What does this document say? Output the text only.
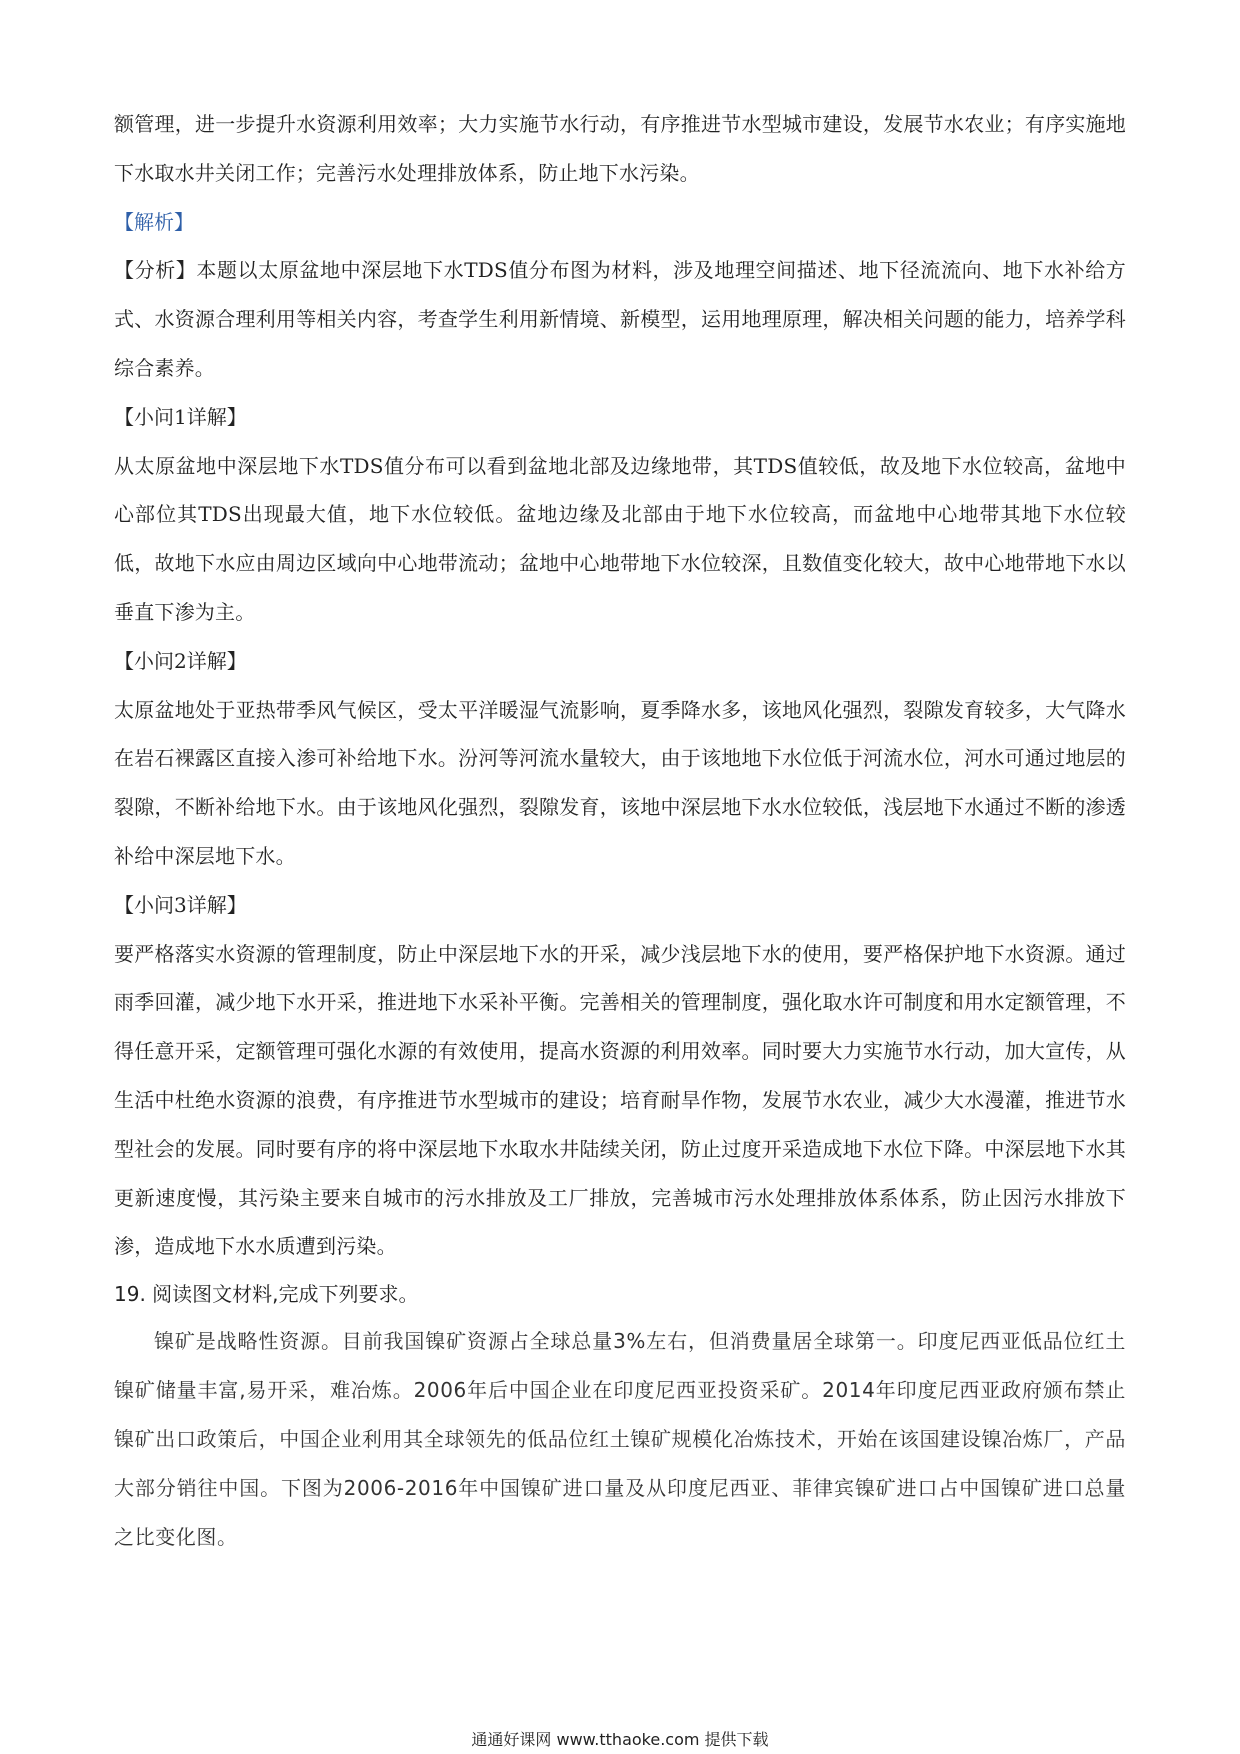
额管理，进一步提升水资源利用效率；大力实施节水行动，有序推进节水型城市建设，发展节水农业；有序实施地下水取水井关闭工作；完善污水处理排放体系，防止地下水污染。

【解析】

【分析】本题以太原盆地中深层地下水TDS值分布图为材料，涉及地理空间描述、地下径流流向、地下水补给方式、水资源合理利用等相关内容，考查学生利用新情境、新模型，运用地理原理，解决相关问题的能力，培养学科综合素养。

【小问1详解】

从太原盆地中深层地下水TDS值分布可以看到盆地北部及边缘地带，其TDS值较低，故及地下水位较高，盆地中心部位其TDS出现最大值，地下水位较低。盆地边缘及北部由于地下水位较高，而盆地中心地带其地下水位较低，故地下水应由周边区域向中心地带流动；盆地中心地带地下水位较深，且数值变化较大，故中心地带地下水以垂直下渗为主。

【小问2详解】

太原盆地处于亚热带季风气候区，受太平洋暖湿气流影响，夏季降水多，该地风化强烈，裂隙发育较多，大气降水在岩石裸露区直接入渗可补给地下水。汾河等河流水量较大，由于该地地下水位低于河流水位，河水可通过地层的裂隙，不断补给地下水。由于该地风化强烈，裂隙发育，该地中深层地下水水位较低，浅层地下水通过不断的渗透补给中深层地下水。

【小问3详解】

要严格落实水资源的管理制度，防止中深层地下水的开采，减少浅层地下水的使用，要严格保护地下水资源。通过雨季回灌，减少地下水开采，推进地下水采补平衡。完善相关的管理制度，强化取水许可制度和用水定额管理，不得任意开采，定额管理可强化水源的有效使用，提高水资源的利用效率。同时要大力实施节水行动，加大宣传，从生活中杜绝水资源的浪费，有序推进节水型城市的建设；培育耐旱作物，发展节水农业，减少大水漫灌，推进节水型社会的发展。同时要有序的将中深层地下水取水井陆续关闭，防止过度开采造成地下水位下降。中深层地下水其更新速度慢，其污染主要来自城市的污水排放及工厂排放，完善城市污水处理排放体系体系，防止因污水排放下渗，造成地下水水质遭到污染。

19. 阅读图文材料,完成下列要求。

镍矿是战略性资源。目前我国镍矿资源占全球总量3%左右，但消费量居全球第一。印度尼西亚低品位红土镍矿储量丰富,易开采，难冶炼。2006年后中国企业在印度尼西亚投资采矿。2014年印度尼西亚政府颁布禁止镍矿出口政策后，中国企业利用其全球领先的低品位红土镍矿规模化冶炼技术，开始在该国建设镍冶炼厂，产品大部分销往中国。下图为2006-2016年中国镍矿进口量及从印度尼西亚、菲律宾镍矿进口占中国镍矿进口总量之比变化图。

通通好课网 www.tthaoke.com 提供下载
